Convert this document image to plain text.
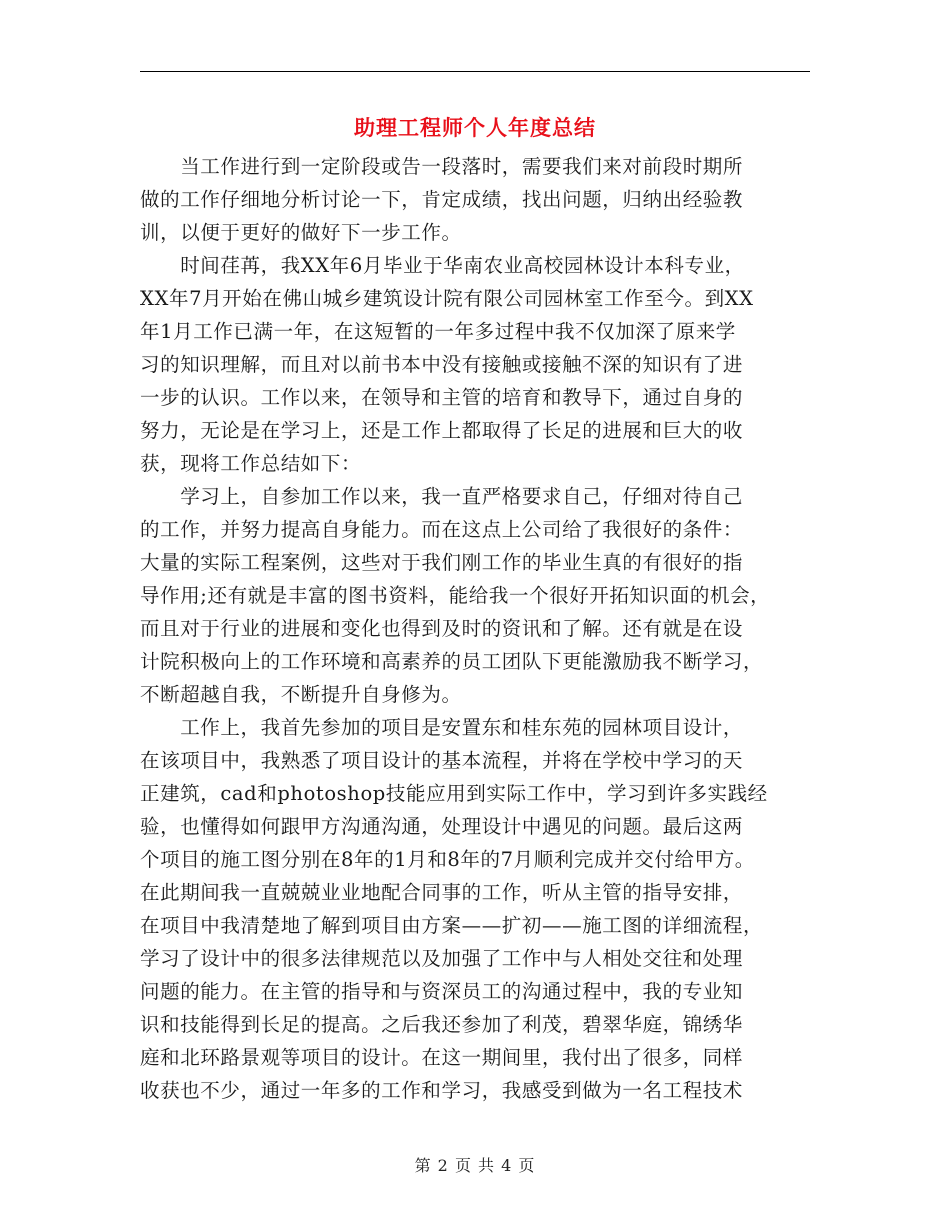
助理工程师个人年度总结
　　当工作进行到一定阶段或告一段落时，需要我们来对前段时期所
做的工作仔细地分析讨论一下，肯定成绩，找出问题，归纳出经验教
训，以便于更好的做好下一步工作。
　　时间荏苒，我XX年6月毕业于华南农业高校园林设计本科专业，
XX年7月开始在佛山城乡建筑设计院有限公司园林室工作至今。到XX
年1月工作已满一年，在这短暂的一年多过程中我不仅加深了原来学
习的知识理解，而且对以前书本中没有接触或接触不深的知识有了进
一步的认识。工作以来，在领导和主管的培育和教导下，通过自身的
努力，无论是在学习上，还是工作上都取得了长足的进展和巨大的收
获，现将工作总结如下：
　　学习上，自参加工作以来，我一直严格要求自己，仔细对待自己
的工作，并努力提高自身能力。而在这点上公司给了我很好的条件：
大量的实际工程案例，这些对于我们刚工作的毕业生真的有很好的指
导作用;还有就是丰富的图书资料，能给我一个很好开拓知识面的机会，
而且对于行业的进展和变化也得到及时的资讯和了解。还有就是在设
计院积极向上的工作环境和高素养的员工团队下更能激励我不断学习，
不断超越自我，不断提升自身修为。
　　工作上，我首先参加的项目是安置东和桂东苑的园林项目设计，
在该项目中，我熟悉了项目设计的基本流程，并将在学校中学习的天
正建筑，cad和photoshop技能应用到实际工作中，学习到许多实践经
验，也懂得如何跟甲方沟通沟通，处理设计中遇见的问题。最后这两
个项目的施工图分别在8年的1月和8年的7月顺利完成并交付给甲方。
在此期间我一直兢兢业业地配合同事的工作，听从主管的指导安排，
在项目中我清楚地了解到项目由方案——扩初——施工图的详细流程，
学习了设计中的很多法律规范以及加强了工作中与人相处交往和处理
问题的能力。在主管的指导和与资深员工的沟通过程中，我的专业知
识和技能得到长足的提高。之后我还参加了利茂，碧翠华庭，锦绣华
庭和北环路景观等项目的设计。在这一期间里，我付出了很多，同样
收获也不少，通过一年多的工作和学习，我感受到做为一名工程技术
第 2 页 共 4 页
